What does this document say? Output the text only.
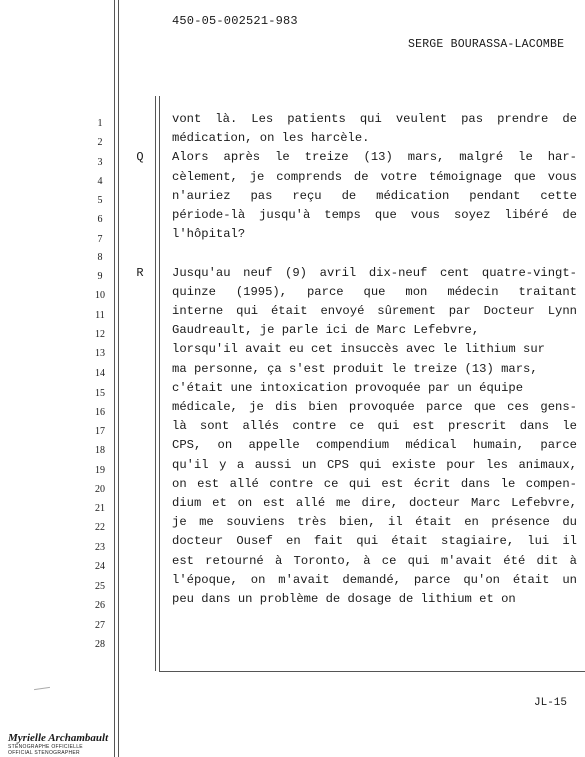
450-05-002521-983
SERGE BOURASSA-LACOMBE
1	vont là. Les patients qui veulent pas prendre de
2	médication, on les harcèle.
3	Q	Alors après le treize (13) mars, malgré le har-
4	cèlement, je comprends de votre témoignage que vous
5	n'auriez pas reçu de médication pendant cette
6	période-là jusqu'à temps que vous soyez libéré de
7	l'hôpital?
8
9	R	Jusqu'au neuf (9) avril dix-neuf cent quatre-vingt-
10	quinze (1995), parce que mon médecin traitant
11	interne qui était envoyé sûrement par Docteur Lynn
12	Gaudreault, je parle ici de Marc Lefebvre,
13	lorsqu'il avait eu cet insuccès avec le lithium sur
14	ma personne, ça s'est produit le treize (13) mars,
15	c'était une intoxication provoquée par un équipe
16	médicale, je dis bien provoquée parce que ces gens-
17	là sont allés contre ce qui est prescrit dans le
18	CPS, on appelle compendium médical humain, parce
19	qu'il y a aussi un CPS qui existe pour les animaux,
20	on est allé contre ce qui est écrit dans le compen-
21	dium et on est allé me dire, docteur Marc Lefebvre,
22	je me souviens très bien, il était en présence du
23	docteur Ousef en fait qui était stagiaire, lui il
24	est retourné à Toronto, à ce qui m'avait été dit à
25	l'époque, on m'avait demandé, parce qu'on était un
26	peu dans un problème de dosage de lithium et on
27
28
JL-15
Myrielle Archambault
STÉNOGRAPHE OFFICIELLE
OFFICIAL STENOGRAPHER
